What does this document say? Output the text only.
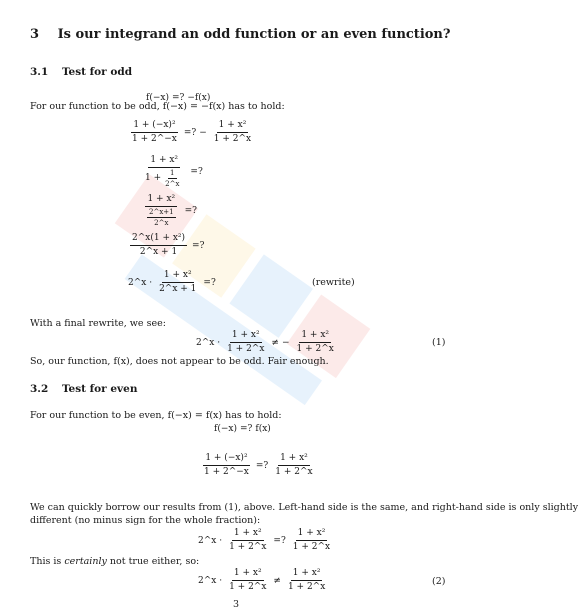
3 Is our integrand an odd function or an even function?
3.1 Test for odd
For our function to be odd, f(−x) = −f(x) has to hold:
f(−x) =? −f(x)
$\frac{\text{1 + (−x)²}}{1 + 2\^{}-x}$ =? − $\frac{\text{1 + x²}}{1 + 2\^{}x}$
$\frac{\text{1 + x²}}{1 + \frac{1}{2\^{}x}}$ =?
$\frac{\text{1 + x²}}{\frac{2\^{}x+1}{2\^{}x}}$ =?
$\frac{\text{2\textasciicircum{}x(1 + x²)}}{2\^{}x + 1}$ =?
2^x · $\frac{\text{1 + x²}}{2\^{}x + 1}$ =?	(rewrite)
With a final rewrite, we see:
2^x · $\frac{\text{1 + x²}}{1 + 2\^{}x}$ ≠ − $\frac{\text{1 + x²}}{1 + 2\^{}x}$	(1)
So, our function, f(x), does not appear to be odd. Fair enough.
3.2 Test for even
For our function to be even, f(−x) = f(x) has to hold:
f(−x) =? f(x)
$\frac{\text{1 + (−x)²}}{1 + 2\^{}-x}$ =? $\frac{\text{1 + x²}}{1 + 2\^{}x}$
We can quickly borrow our results from (1), above. Left-hand side is the same, and right-hand side is only slightly
different (no minus sign for the whole fraction):
2^x · $\frac{\text{1 + x²}}{1 + 2\^{}x}$ =? $\frac{\text{1 + x²}}{1 + 2\^{}x}$
This is certainly not true either, so:
2^x · $\frac{\text{1 + x²}}{1 + 2\^{}x} \ne \frac{\text{1 + x²}}{1 + 2\^{}x}$	(2)
3
